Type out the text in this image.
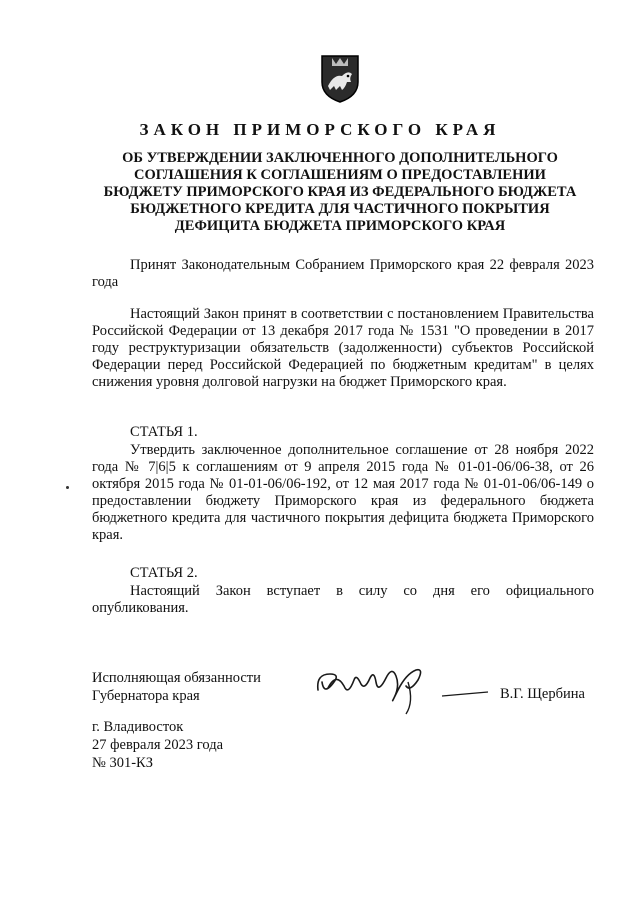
ЗАКОН ПРИМОРСКОГО КРАЯ
ОБ УТВЕРЖДЕНИИ ЗАКЛЮЧЕННОГО ДОПОЛНИТЕЛЬНОГО
СОГЛАШЕНИЯ К СОГЛАШЕНИЯМ О ПРЕДОСТАВЛЕНИИ
БЮДЖЕТУ ПРИМОРСКОГО КРАЯ ИЗ ФЕДЕРАЛЬНОГО БЮДЖЕТА
БЮДЖЕТНОГО КРЕДИТА ДЛЯ ЧАСТИЧНОГО ПОКРЫТИЯ
ДЕФИЦИТА БЮДЖЕТА ПРИМОРСКОГО КРАЯ
Принят Законодательным Собранием Приморского края 22 февраля 2023 года
Настоящий Закон принят в соответствии с постановлением Правительства Российской Федерации от 13 декабря 2017 года № 1531 "О проведении в 2017 году реструктуризации обязательств (задолженности) субъектов Российской Федерации перед Российской Федерацией по бюджетным кредитам" в целях снижения уровня долговой нагрузки на бюджет Приморского края.
СТАТЬЯ 1.
Утвердить заключенное дополнительное соглашение от 28 ноября 2022 года № 7|6|5 к соглашениям от 9 апреля 2015 года № 01-01-06/06-38, от 26 октября 2015 года № 01-01-06/06-192, от 12 мая 2017 года № 01-01-06/06-149 о предоставлении бюджету Приморского края из федерального бюджета бюджетного кредита для частичного покрытия дефицита бюджета Приморского края.
СТАТЬЯ 2.
Настоящий Закон вступает в силу со дня его официального опубликования.
Исполняющая обязанности
Губернатора края	В.Г. Щербина
г. Владивосток
27 февраля 2023 года
№ 301-КЗ
